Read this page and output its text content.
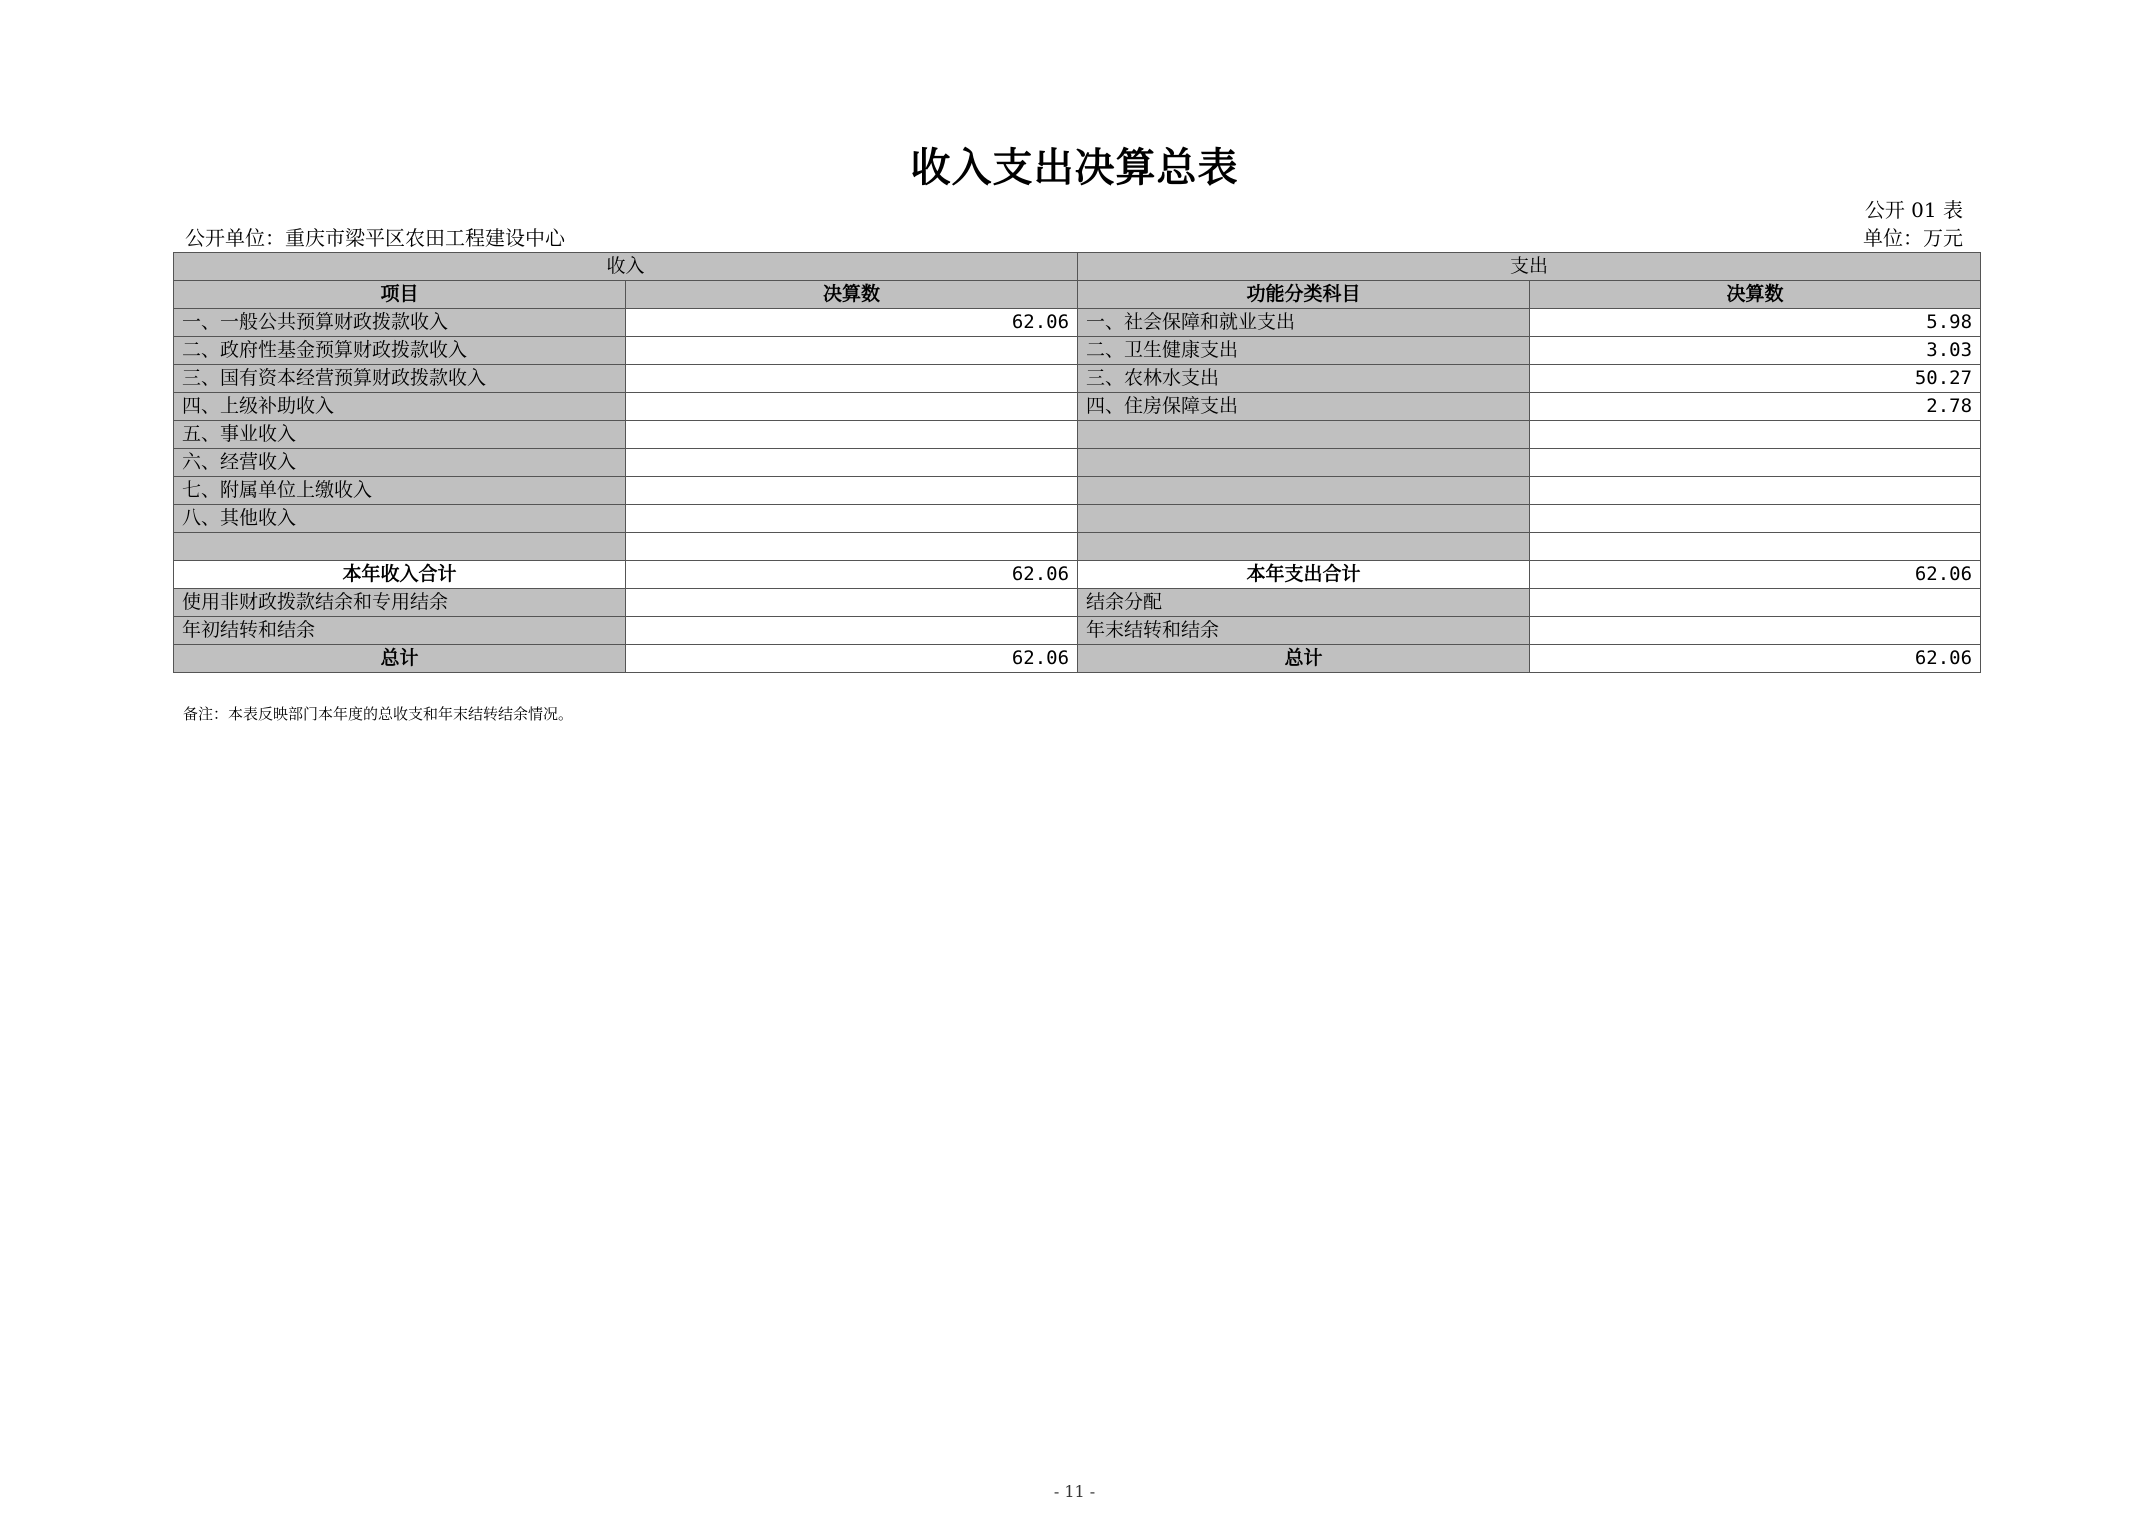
收入支出决算总表
公开 01 表
公开单位：重庆市梁平区农田工程建设中心	单位：万元
收入		支出	
项目	决算数	功能分类科目	决算数
一、一般公共预算财政拨款收入	62.06	一、社会保障和就业支出	5.98
二、政府性基金预算财政拨款收入		二、卫生健康支出	3.03
三、国有资本经营预算财政拨款收入		三、农林水支出	50.27
四、上级补助收入		四、住房保障支出	2.78
五、事业收入			
六、经营收入			
七、附属单位上缴收入			
八、其他收入			

本年收入合计	62.06	本年支出合计	62.06
使用非财政拨款结余和专用结余		结余分配	
年初结转和结余		年末结转和结余	
总计	62.06	总计	62.06
备注：本表反映部门本年度的总收支和年末结转结余情况。
- 11 -
